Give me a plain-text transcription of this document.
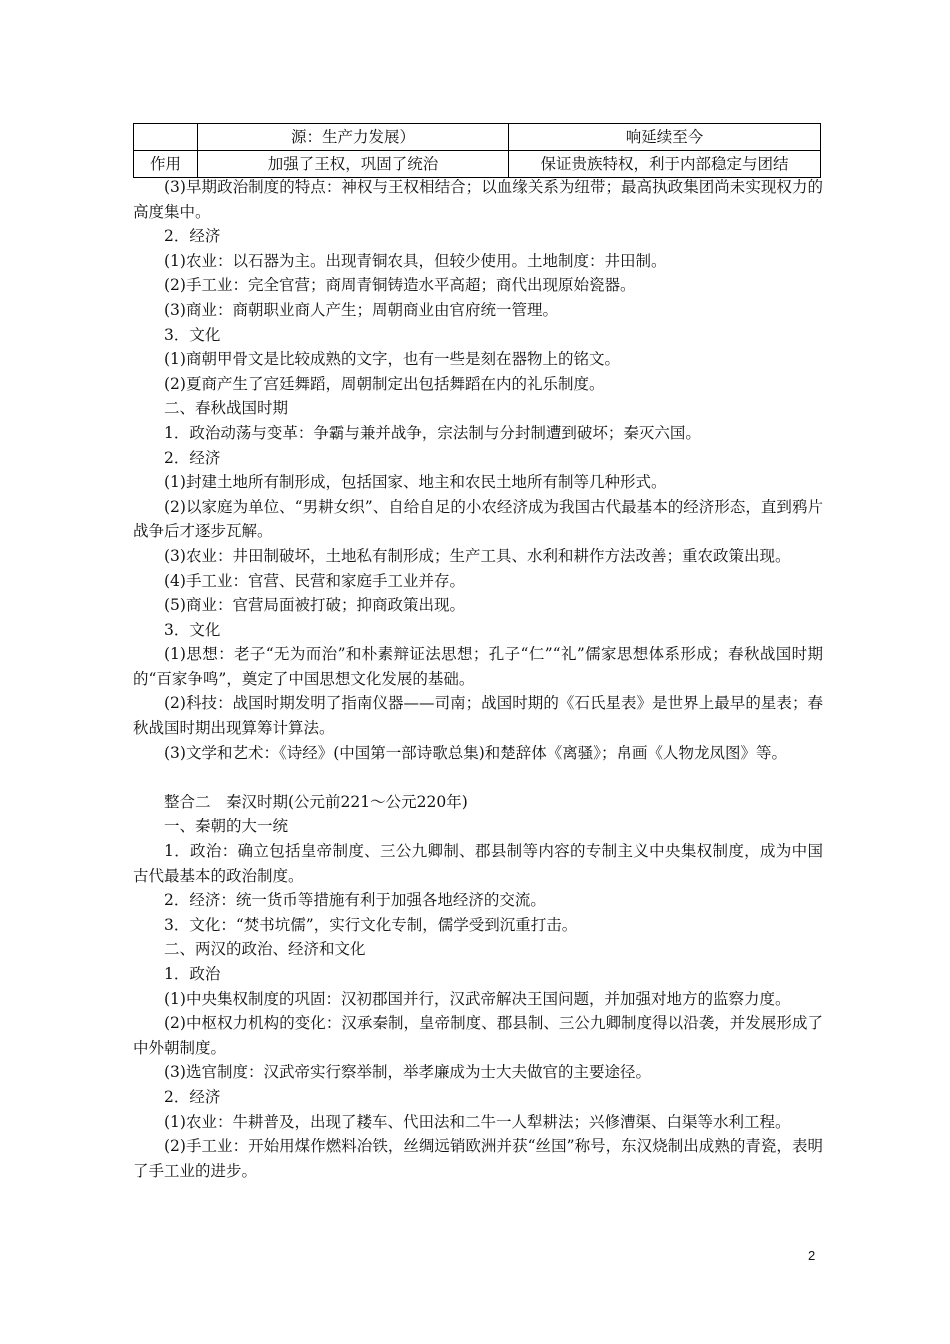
	源：生产力发展）	响延续至今
作用	加强了王权，巩固了统治	保证贵族特权，利于内部稳定与团结
(3)早期政治制度的特点：神权与王权相结合；以血缘关系为纽带；最高执政集团尚未实现权力的高度集中。
2．经济
(1)农业：以石器为主。出现青铜农具，但较少使用。土地制度：井田制。
(2)手工业：完全官营；商周青铜铸造水平高超；商代出现原始瓷器。
(3)商业：商朝职业商人产生；周朝商业由官府统一管理。
3．文化
(1)商朝甲骨文是比较成熟的文字，也有一些是刻在器物上的铭文。
(2)夏商产生了宫廷舞蹈，周朝制定出包括舞蹈在内的礼乐制度。
二、春秋战国时期
1．政治动荡与变革：争霸与兼并战争，宗法制与分封制遭到破坏；秦灭六国。
2．经济
(1)封建土地所有制形成，包括国家、地主和农民土地所有制等几种形式。
(2)以家庭为单位、“男耕女织”、自给自足的小农经济成为我国古代最基本的经济形态，直到鸦片战争后才逐步瓦解。
(3)农业：井田制破坏，土地私有制形成；生产工具、水利和耕作方法改善；重农政策出现。
(4)手工业：官营、民营和家庭手工业并存。
(5)商业：官营局面被打破；抑商政策出现。
3．文化
(1)思想：老子“无为而治”和朴素辩证法思想；孔子“仁”“礼”儒家思想体系形成；春秋战国时期的“百家争鸣”，奠定了中国思想文化发展的基础。
(2)科技：战国时期发明了指南仪器——司南；战国时期的《石氏星表》是世界上最早的星表；春秋战国时期出现算筹计算法。
(3)文学和艺术：《诗经》(中国第一部诗歌总集)和楚辞体《离骚》；帛画《人物龙凤图》等。
整合二　秦汉时期(公元前221～公元220年)
一、秦朝的大一统
1．政治：确立包括皇帝制度、三公九卿制、郡县制等内容的专制主义中央集权制度，成为中国古代最基本的政治制度。
2．经济：统一货币等措施有利于加强各地经济的交流。
3．文化：“焚书坑儒”，实行文化专制，儒学受到沉重打击。
二、两汉的政治、经济和文化
1．政治
(1)中央集权制度的巩固：汉初郡国并行，汉武帝解决王国问题，并加强对地方的监察力度。
(2)中枢权力机构的变化：汉承秦制，皇帝制度、郡县制、三公九卿制度得以沿袭，并发展形成了中外朝制度。
(3)选官制度：汉武帝实行察举制，举孝廉成为士大夫做官的主要途径。
2．经济
(1)农业：牛耕普及，出现了耧车、代田法和二牛一人犁耕法；兴修漕渠、白渠等水利工程。
(2)手工业：开始用煤作燃料冶铁，丝绸远销欧洲并获“丝国”称号，东汉烧制出成熟的青瓷，表明了手工业的进步。
2
